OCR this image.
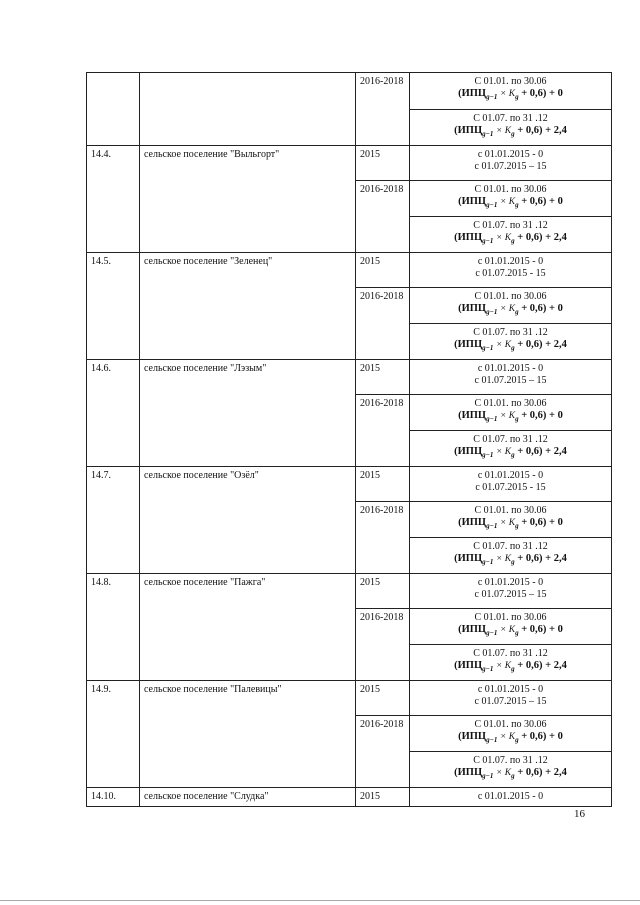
		2016-2018	С 01.01. по 30.06
$(ИПЦ_{g-1} \times K_g + 0,6) + 0$

			С 01.07. по 31 .12
$(ИПЦ_{g-1} \times K_g + 0,6) + 2,4$

14.4.	сельское поселение "Выльгорт"	2015	с 01.01.2015 - 0
с 01.07.2015 – 15

		2016-2018	С 01.01. по 30.06
$(ИПЦ_{g-1} \times K_g + 0,6) + 0$

			С 01.07. по 31 .12
$(ИПЦ_{g-1} \times K_g + 0,6) + 2,4$

14.5.	сельское поселение "Зеленец"	2015	с 01.01.2015 - 0
с 01.07.2015 - 15

		2016-2018	С 01.01. по 30.06
$(ИПЦ_{g-1} \times K_g + 0,6) + 0$

			С 01.07. по 31 .12
$(ИПЦ_{g-1} \times K_g + 0,6) + 2,4$

14.6.	сельское поселение "Лэзым"	2015	с 01.01.2015 - 0
с 01.07.2015 – 15

		2016-2018	С 01.01. по 30.06
$(ИПЦ_{g-1} \times K_g + 0,6) + 0$

			С 01.07. по 31 .12
$(ИПЦ_{g-1} \times K_g + 0,6) + 2,4$

14.7.	сельское поселение "Озёл"	2015	с 01.01.2015 - 0
с 01.07.2015 - 15

		2016-2018	С 01.01. по 30.06
$(ИПЦ_{g-1} \times K_g + 0,6) + 0$

			С 01.07. по 31 .12
$(ИПЦ_{g-1} \times K_g + 0,6) + 2,4$

14.8.	сельское поселение "Пажга"	2015	с 01.01.2015 - 0
с 01.07.2015 – 15

		2016-2018	С 01.01. по 30.06
$(ИПЦ_{g-1} \times K_g + 0,6) + 0$

			С 01.07. по 31 .12
$(ИПЦ_{g-1} \times K_g + 0,6) + 2,4$

14.9.	сельское поселение "Палевицы"	2015	с 01.01.2015 - 0
с 01.07.2015 – 15

		2016-2018	С 01.01. по 30.06
$(ИПЦ_{g-1} \times K_g + 0,6) + 0$

			С 01.07. по 31 .12
$(ИПЦ_{g-1} \times K_g + 0,6) + 2,4$

14.10.	сельское поселение "Слудка"	2015	с 01.01.2015 - 0
16
